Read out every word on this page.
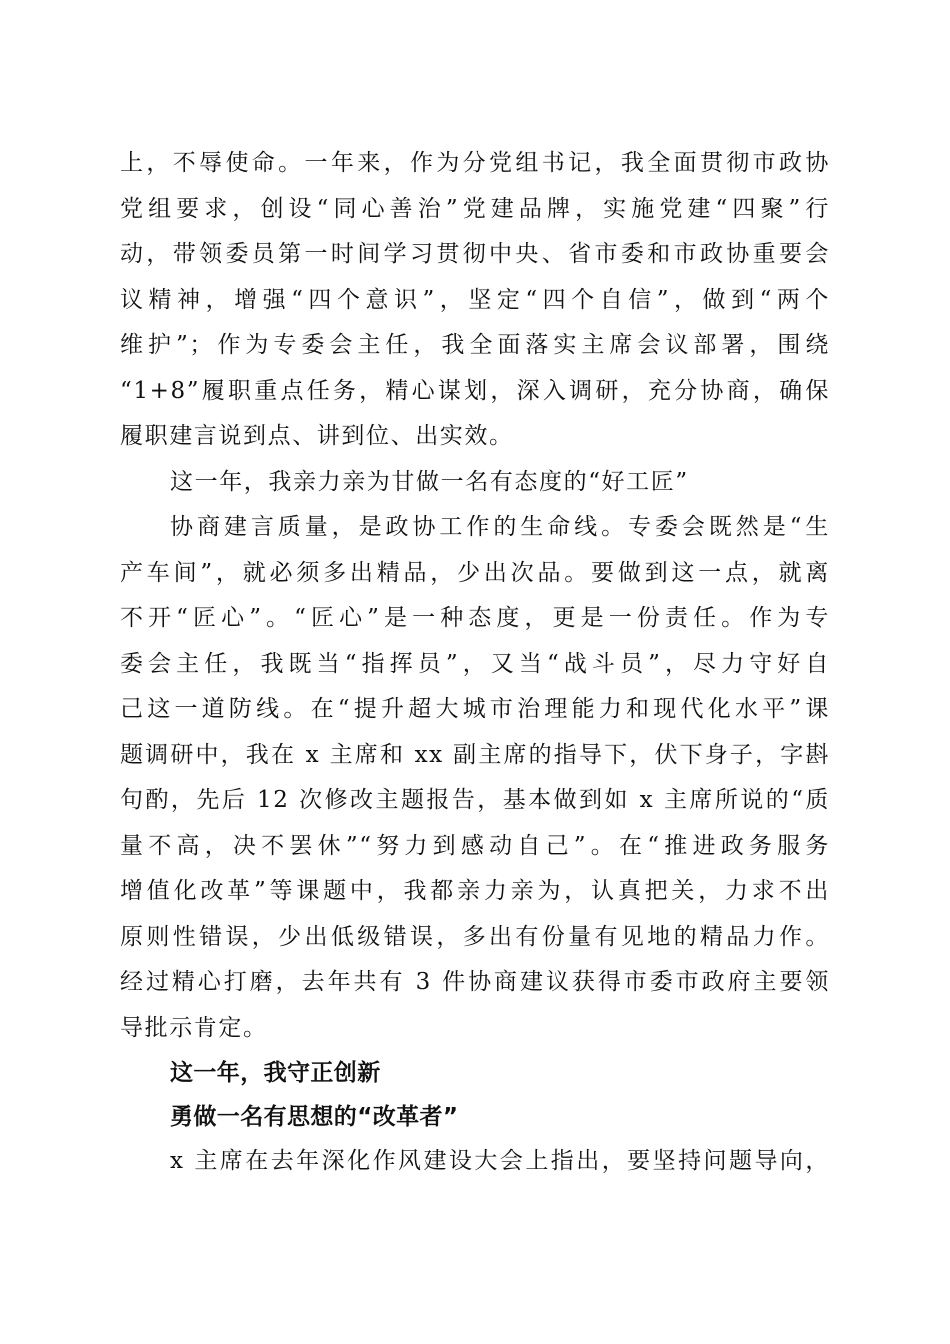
上，不辱使命。一年来，作为分党组书记，我全面贯彻市政协
党组要求，创设“同心善治”党建品牌，实施党建“四聚”行
动，带领委员第一时间学习贯彻中央、省市委和市政协重要会
议精神，增强“四个意识”，坚定“四个自信”，做到“两个
维护”；作为专委会主任，我全面落实主席会议部署，围绕
“1+8”履职重点任务，精心谋划，深入调研，充分协商，确保
履职建言说到点、讲到位、出实效。
这一年，我亲力亲为甘做一名有态度的“好工匠”
协商建言质量，是政协工作的生命线。专委会既然是“生
产车间”，就必须多出精品，少出次品。要做到这一点，就离
不开“匠心”。“匠心”是一种态度，更是一份责任。作为专
委会主任，我既当“指挥员”，又当“战斗员”，尽力守好自
己这一道防线。在“提升超大城市治理能力和现代化水平”课
题调研中，我在 x 主席和 xx 副主席的指导下，伏下身子，字斟
句酌，先后 12 次修改主题报告，基本做到如 x 主席所说的“质
量不高，决不罢休”“努力到感动自己”。在“推进政务服务
增值化改革”等课题中，我都亲力亲为，认真把关，力求不出
原则性错误，少出低级错误，多出有份量有见地的精品力作。
经过精心打磨，去年共有 3 件协商建议获得市委市政府主要领
导批示肯定。
这一年，我守正创新
勇做一名有思想的“改革者”
x 主席在去年深化作风建设大会上指出，要坚持问题导向，
